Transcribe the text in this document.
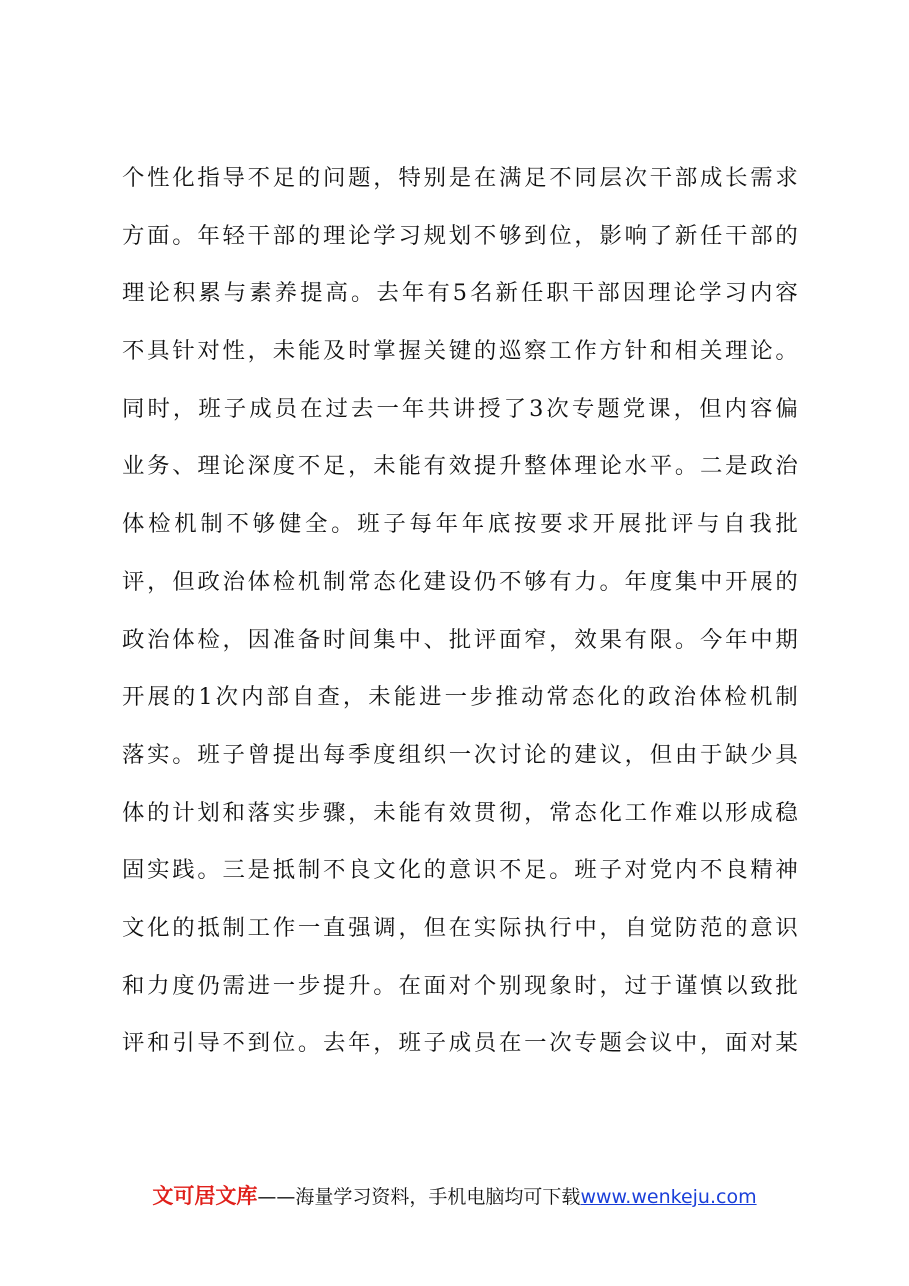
个性化指导不足的问题，特别是在满足不同层次干部成长需求
方面。年轻干部的理论学习规划不够到位，影响了新任干部的
理论积累与素养提高。去年有5名新任职干部因理论学习内容
不具针对性，未能及时掌握关键的巡察工作方针和相关理论。
同时，班子成员在过去一年共讲授了3次专题党课，但内容偏
业务、理论深度不足，未能有效提升整体理论水平。二是政治
体检机制不够健全。班子每年年底按要求开展批评与自我批
评，但政治体检机制常态化建设仍不够有力。年度集中开展的
政治体检，因准备时间集中、批评面窄，效果有限。今年中期
开展的1次内部自查，未能进一步推动常态化的政治体检机制
落实。班子曾提出每季度组织一次讨论的建议，但由于缺少具
体的计划和落实步骤，未能有效贯彻，常态化工作难以形成稳
固实践。三是抵制不良文化的意识不足。班子对党内不良精神
文化的抵制工作一直强调，但在实际执行中，自觉防范的意识
和力度仍需进一步提升。在面对个别现象时，过于谨慎以致批
评和引导不到位。去年，班子成员在一次专题会议中，面对某
文可居文库——海量学习资料，手机电脑均可下载www.wenkeju.com
